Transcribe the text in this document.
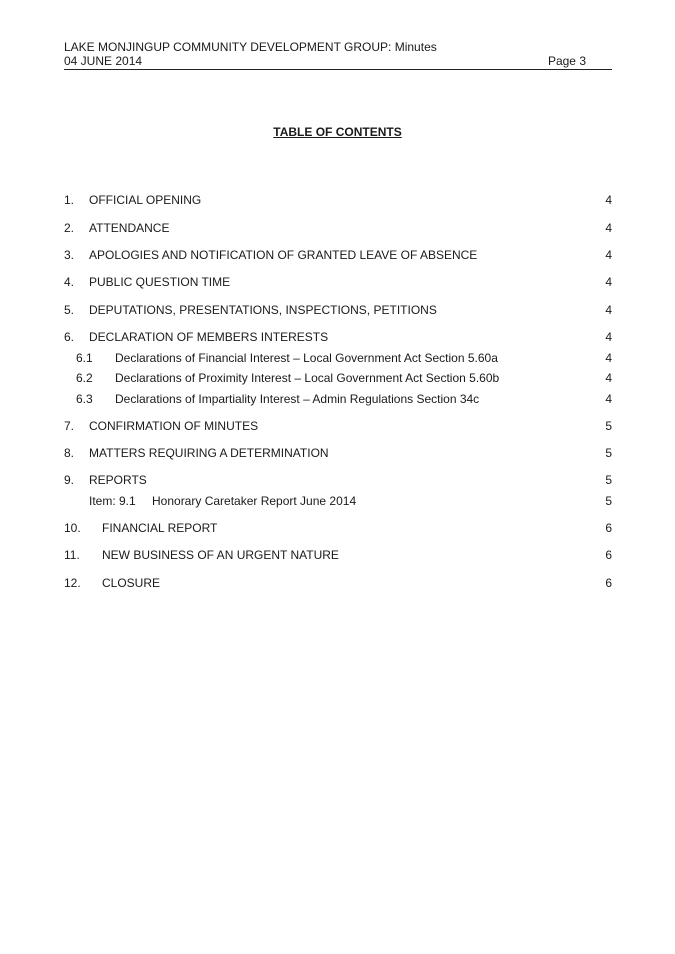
LAKE MONJINGUP COMMUNITY DEVELOPMENT GROUP: Minutes
04 JUNE 2014	Page 3
TABLE OF CONTENTS
1.	OFFICIAL OPENING	4
2.	ATTENDANCE	4
3.	APOLOGIES AND NOTIFICATION OF GRANTED LEAVE OF ABSENCE	4
4.	PUBLIC QUESTION TIME	4
5.	DEPUTATIONS, PRESENTATIONS, INSPECTIONS, PETITIONS	4
6.	DECLARATION OF MEMBERS INTERESTS	4
6.1	Declarations of Financial Interest – Local Government Act Section 5.60a	4
6.2	Declarations of Proximity Interest – Local Government Act Section 5.60b	4
6.3	Declarations of Impartiality Interest – Admin Regulations Section 34c	4
7.	CONFIRMATION OF MINUTES	5
8.	MATTERS REQUIRING A DETERMINATION	5
9.	REPORTS	5
Item: 9.1	Honorary Caretaker Report June 2014	5
10.	FINANCIAL REPORT	6
11.	NEW BUSINESS OF AN URGENT NATURE	6
12.	CLOSURE	6
